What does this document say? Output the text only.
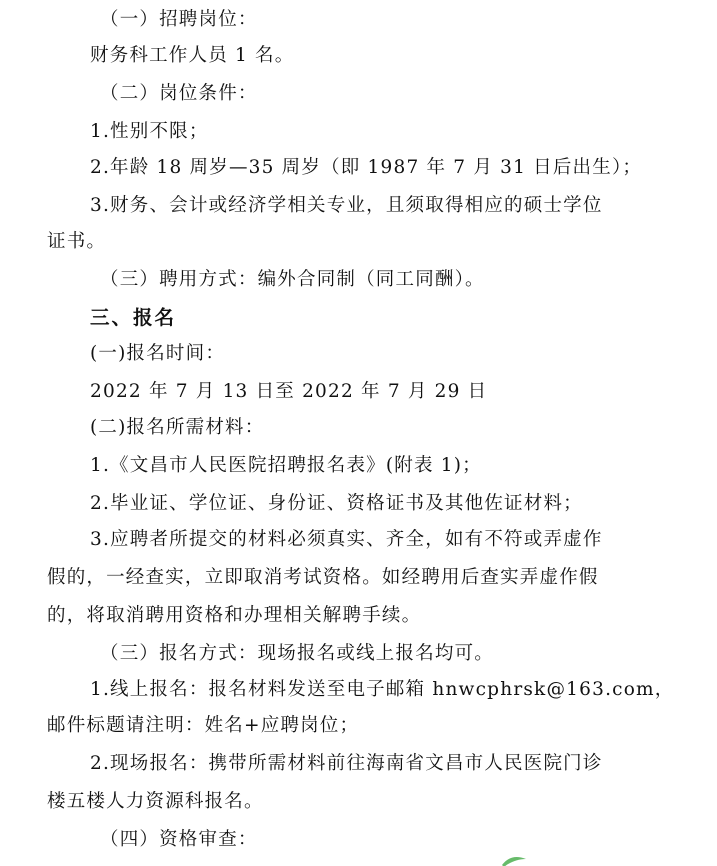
（一）招聘岗位：
财务科工作人员 1 名。
（二）岗位条件：
1.性别不限；
2.年龄 18 周岁—35 周岁（即 1987 年 7 月 31 日后出生）；
3.财务、会计或经济学相关专业，且须取得相应的硕士学位
证书。
（三）聘用方式：编外合同制（同工同酬）。
三、报名
(一)报名时间：
2022 年 7 月 13 日至 2022 年 7 月 29 日
(二)报名所需材料：
1.《文昌市人民医院招聘报名表》(附表 1)；
2.毕业证、学位证、身份证、资格证书及其他佐证材料；
3.应聘者所提交的材料必须真实、齐全，如有不符或弄虚作
假的，一经查实，立即取消考试资格。如经聘用后查实弄虚作假
的，将取消聘用资格和办理相关解聘手续。
（三）报名方式：现场报名或线上报名均可。
1.线上报名：报名材料发送至电子邮箱 hnwcphrsk@163.com，
邮件标题请注明：姓名+应聘岗位；
2.现场报名：携带所需材料前往海南省文昌市人民医院门诊
楼五楼人力资源科报名。
（四）资格审查：
